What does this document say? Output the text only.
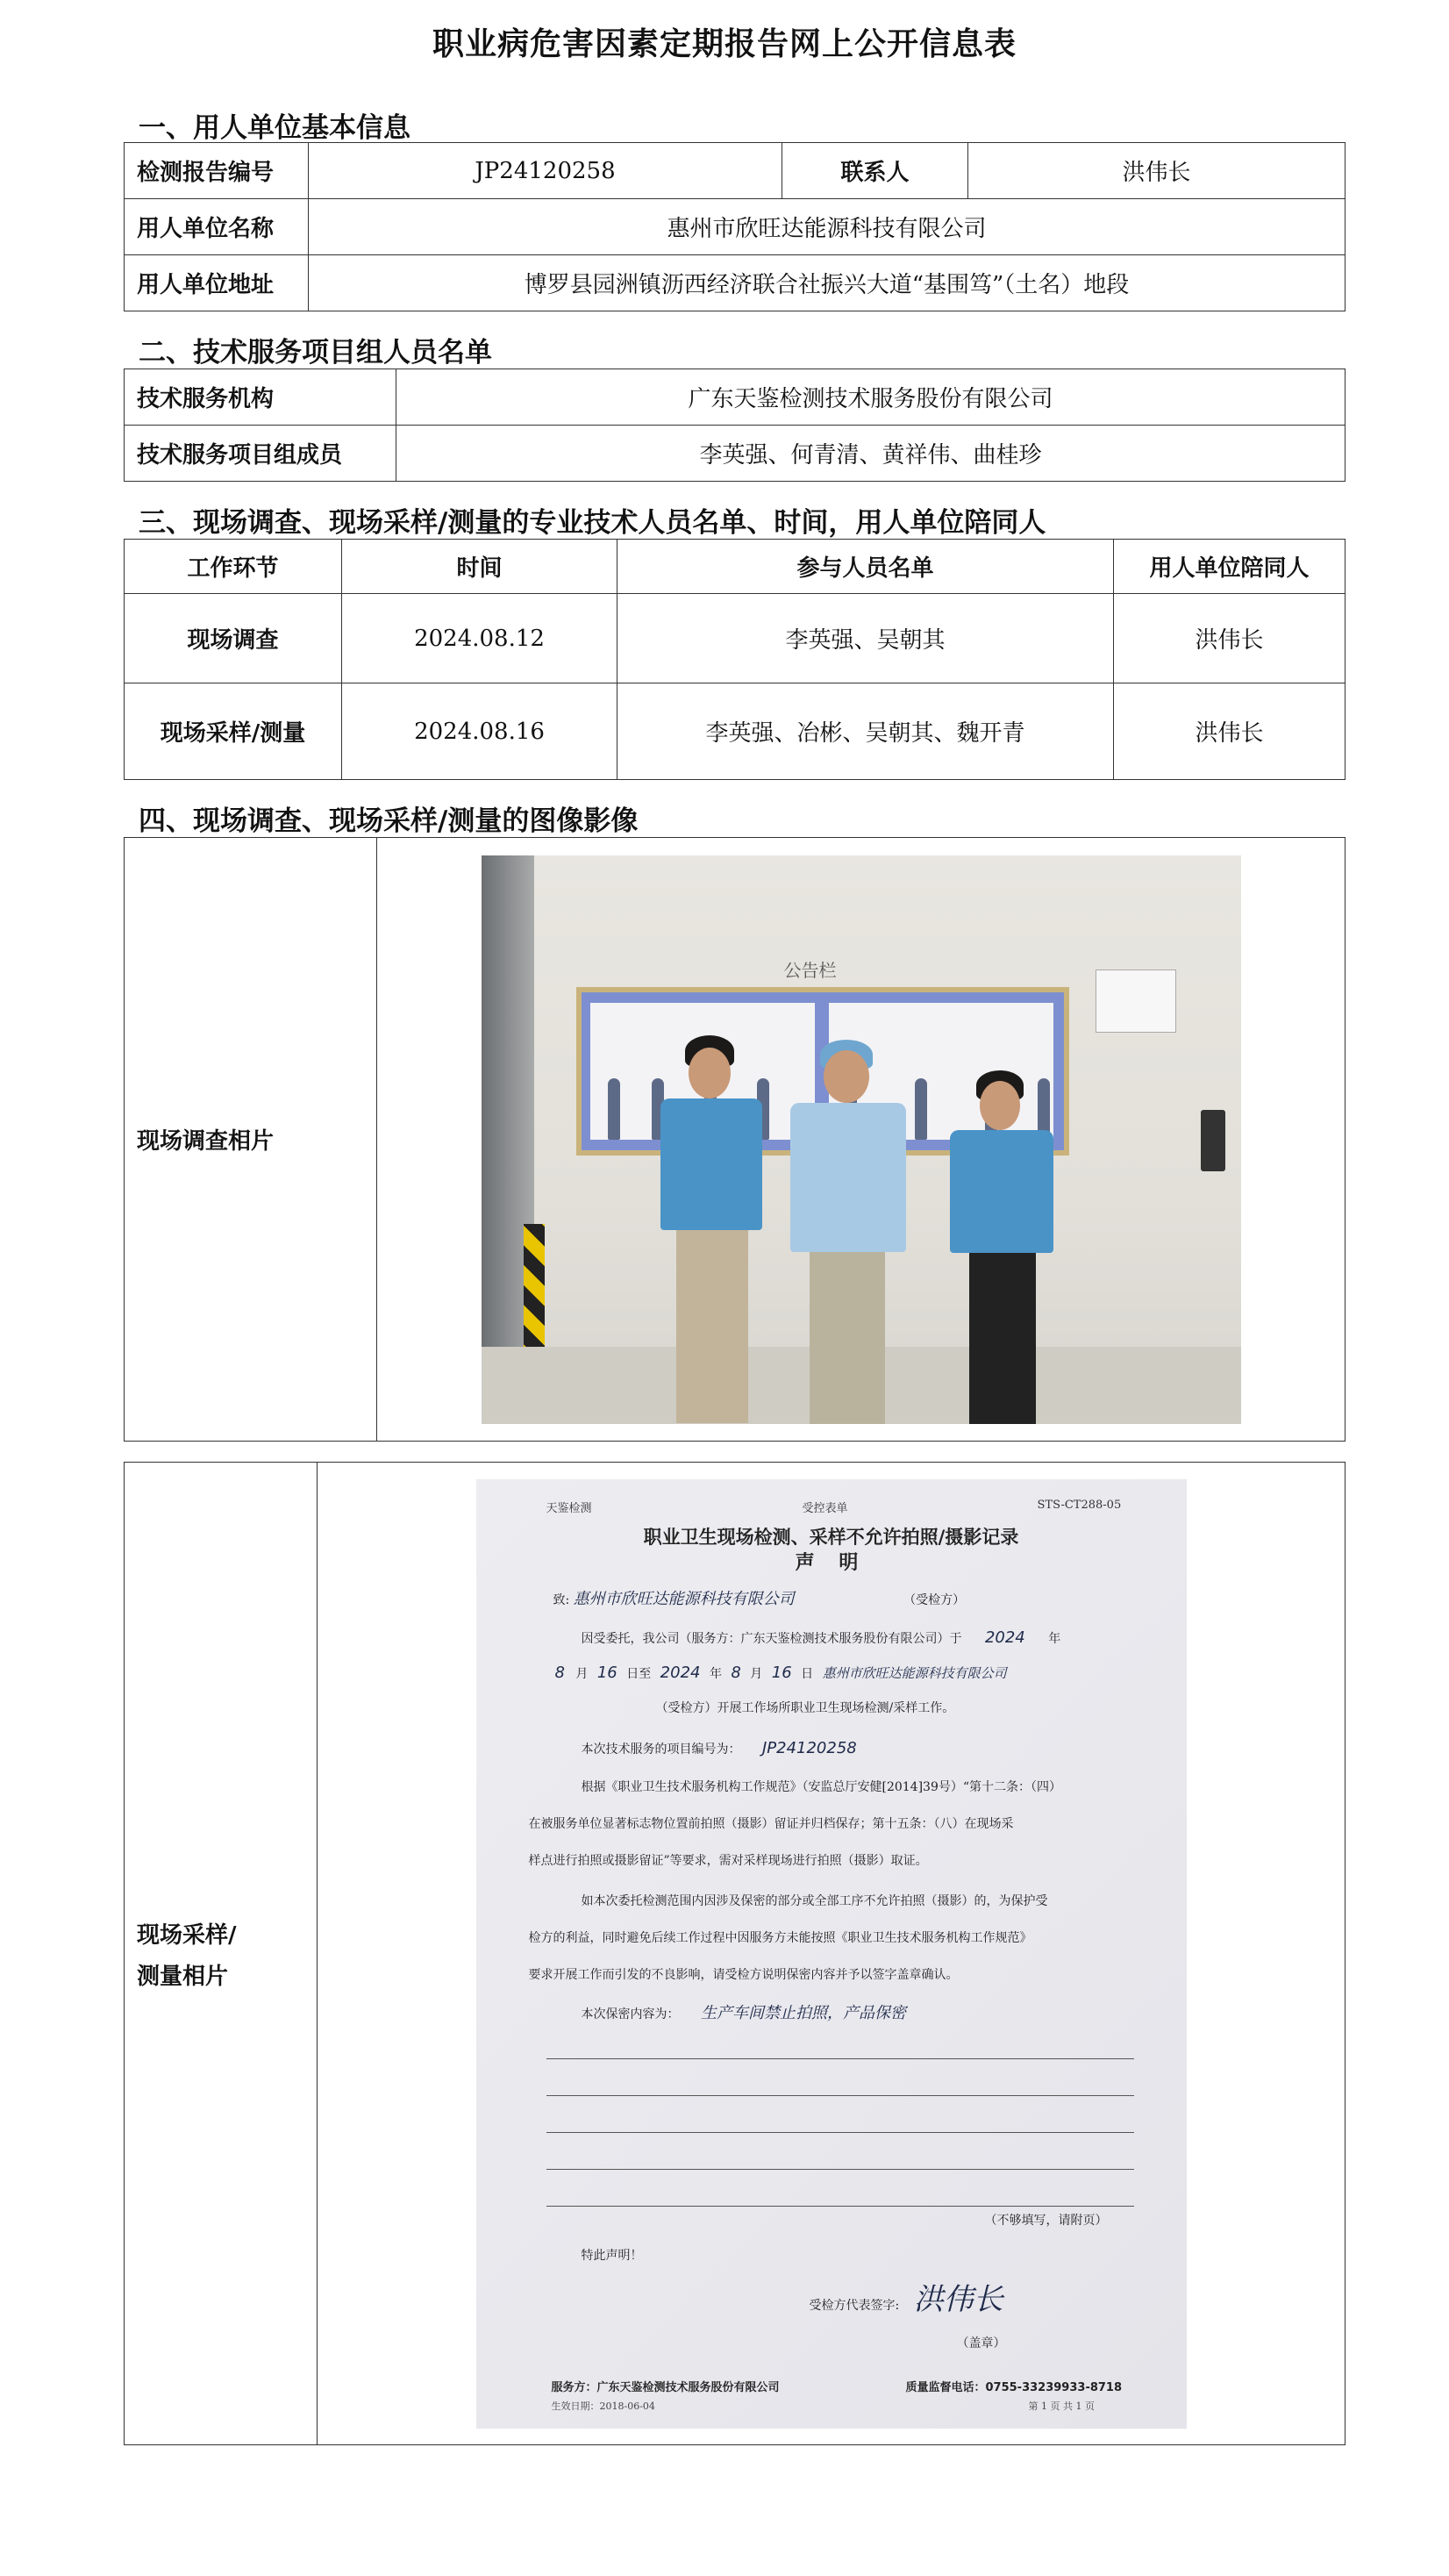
职业病危害因素定期报告网上公开信息表
一、用人单位基本信息
检测报告编号	JP24120258	联系人	洪伟长
用人单位名称	惠州市欣旺达能源科技有限公司		
用人单位地址	博罗县园洲镇沥西经济联合社振兴大道“基围笃”（土名）地段		
二、技术服务项目组人员名单
技术服务机构	广东天鉴检测技术服务股份有限公司
技术服务项目组成员	李英强、何青清、黄祥伟、曲桂珍
三、现场调查、现场采样/测量的专业技术人员名单、时间，用人单位陪同人
工作环节	时间	参与人员名单	用人单位陪同人
现场调查	2024.08.12	李英强、吴朝其	洪伟长
现场采样/测量	2024.08.16	李英强、冶彬、吴朝其、魏开青	洪伟长
四、现场调查、现场采样/测量的图像影像
现场调查相片	
公告栏
现场采样/
测量相片

天鉴检测	受控表单	STS-CT288-05
职业卫生现场检测、采样不允许拍照/摄影记录
声 明
致: 惠州市欣旺达能源科技有限公司	（受检方）
因受委托，我公司（服务方：广东天鉴检测技术服务股份有限公司）于 2024 年
8 月 16 日至 2024 年 8 月 16 日 惠州市欣旺达能源科技有限公司
（受检方）开展工作场所职业卫生现场检测/采样工作。
本次技术服务的项目编号为： JP24120258
根据《职业卫生技术服务机构工作规范》（安监总厅安健[2014]39号）“第十二条：（四）
在被服务单位显著标志物位置前拍照（摄影）留证并归档保存；第十五条：（八）在现场采
样点进行拍照或摄影留证”等要求，需对采样现场进行拍照（摄影）取证。
如本次委托检测范围内因涉及保密的部分或全部工序不允许拍照（摄影）的，为保护受
检方的利益，同时避免后续工作过程中因服务方未能按照《职业卫生技术服务机构工作规范》
要求开展工作而引发的不良影响，请受检方说明保密内容并予以签字盖章确认。
本次保密内容为： 生产车间禁止拍照，产品保密
（不够填写，请附页）
特此声明！
受检方代表签字: 洪伟长
（盖章）
服务方：广东天鉴检测技术服务股份有限公司	质量监督电话：0755-33239933-8718
生效日期：2018-06-04	第 1 页 共 1 页
